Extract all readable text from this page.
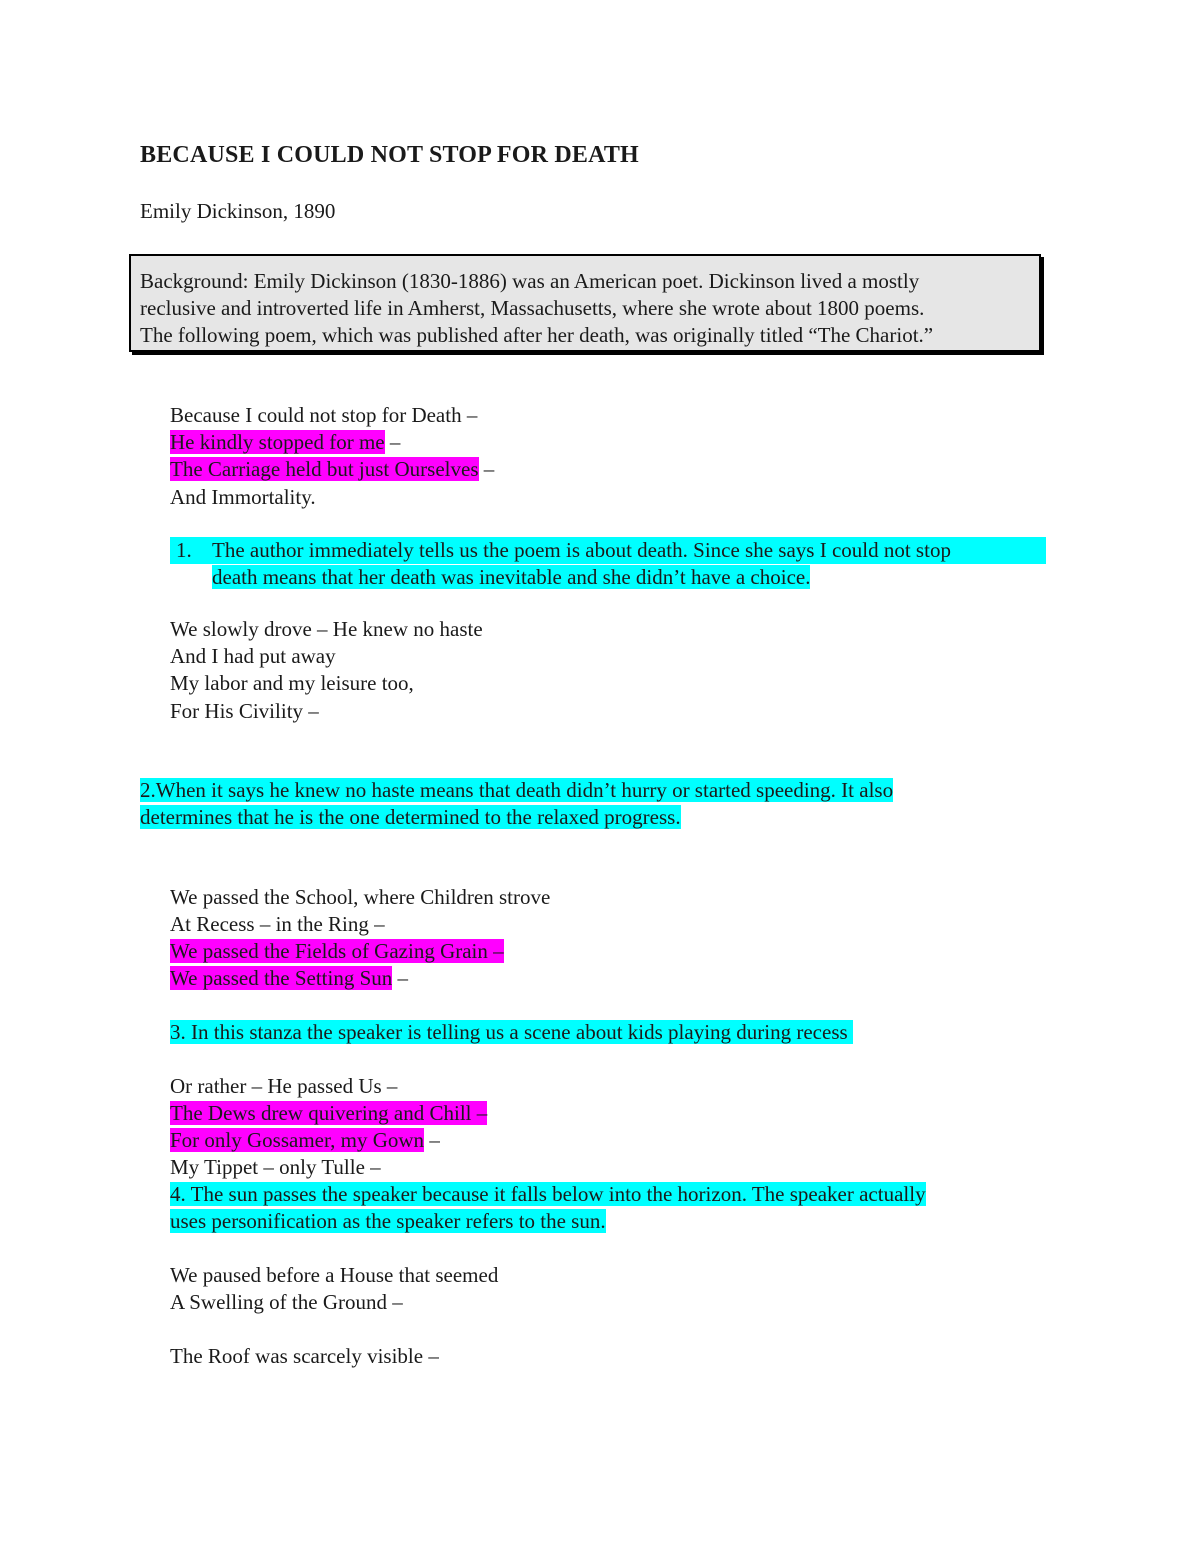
BECAUSE I COULD NOT STOP FOR DEATH

Emily Dickinson, 1890

Background: Emily Dickinson (1830-1886) was an American poet. Dickinson lived a mostly

reclusive and introverted life in Amherst, Massachusetts, where she wrote about 1800 poems.

The following poem, which was published after her death, was originally titled “The Chariot.”

Because I could not stop for Death –

He kindly stopped for me –

The Carriage held but just Ourselves –

And Immortality.

1. The author immediately tells us the poem is about death. Since she says I could not stop

death means that her death was inevitable and she didn’t have a choice.

We slowly drove – He knew no haste

And I had put away

My labor and my leisure too,

For His Civility –

2.When it says he knew no haste means that death didn’t hurry or started speeding. It also

determines that he is the one determined to the relaxed progress.

We passed the School, where Children strove

At Recess – in the Ring –

We passed the Fields of Gazing Grain –

We passed the Setting Sun –

3. In this stanza the speaker is telling us a scene about kids playing during recess

Or rather – He passed Us –

The Dews drew quivering and Chill –

For only Gossamer, my Gown –

My Tippet – only Tulle –

4. The sun passes the speaker because it falls below into the horizon. The speaker actually

uses personification as the speaker refers to the sun.

We paused before a House that seemed

A Swelling of the Ground –

The Roof was scarcely visible –
